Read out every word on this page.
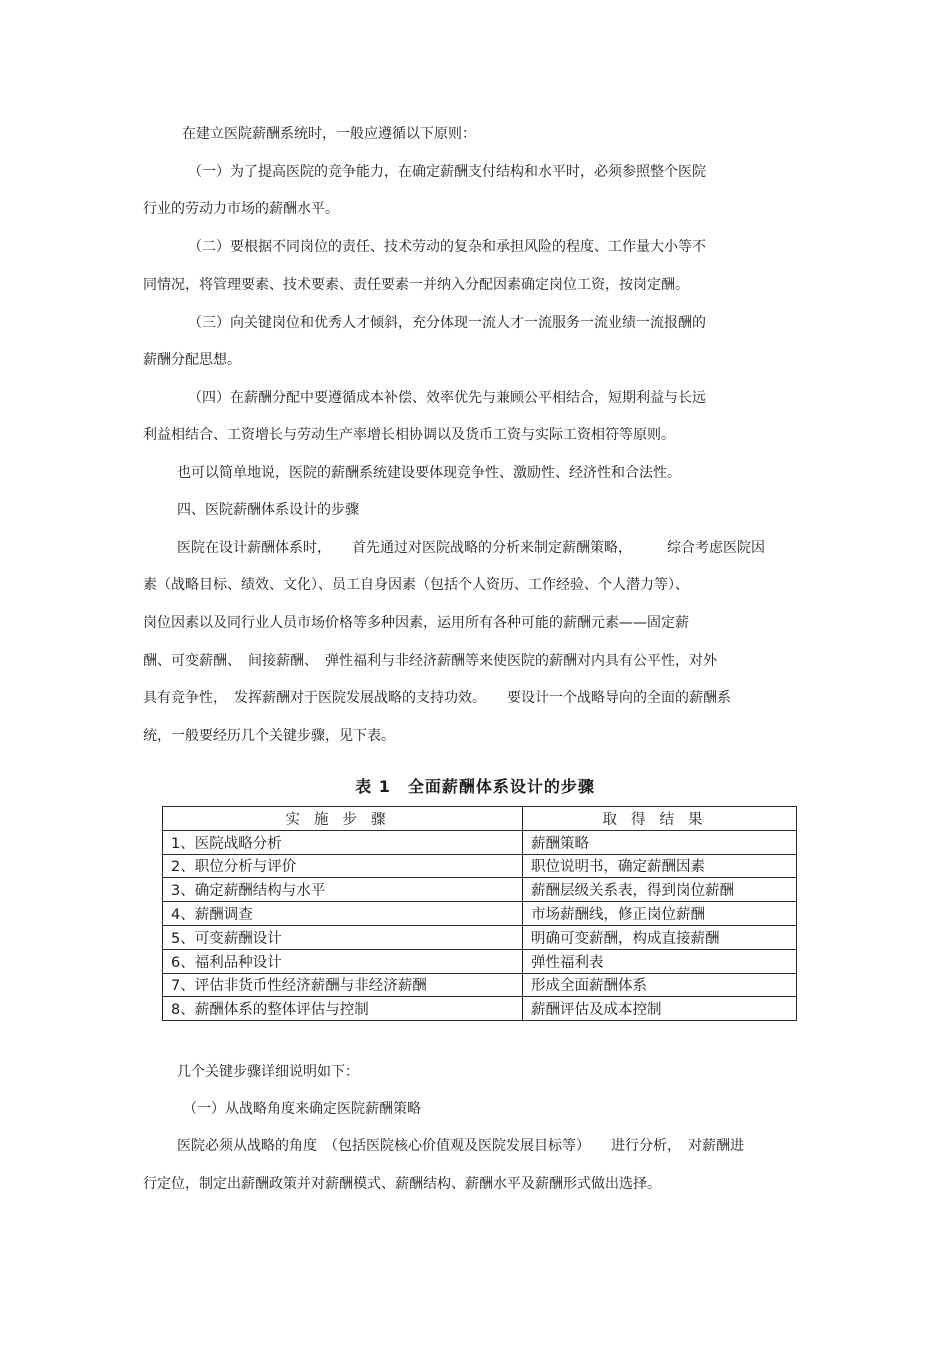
在建立医院薪酬系统时，一般应遵循以下原则：
（一）为了提高医院的竞争能力，在确定薪酬支付结构和水平时，必须参照整个医院
行业的劳动力市场的薪酬水平。
（二）要根据不同岗位的责任、技术劳动的复杂和承担风险的程度、工作量大小等不
同情况，将管理要素、技术要素、责任要素一并纳入分配因素确定岗位工资，按岗定酬。
（三）向关键岗位和优秀人才倾斜，充分体现一流人才一流服务一流业绩一流报酬的
薪酬分配思想。
（四）在薪酬分配中要遵循成本补偿、效率优先与兼顾公平相结合，短期利益与长远
利益相结合、工资增长与劳动生产率增长相协调以及货币工资与实际工资相符等原则。
也可以简单地说，医院的薪酬系统建设要体现竞争性、激励性、经济性和合法性。
四、医院薪酬体系设计的步骤
医院在设计薪酬体系时，　　首先通过对医院战略的分析来制定薪酬策略，　　　综合考虑医院因
素（战略目标、绩效、文化）、员工自身因素（包括个人资历、工作经验、个人潜力等）、
岗位因素以及同行业人员市场价格等多种因素，运用所有各种可能的薪酬元素——固定薪
酬、可变薪酬、　间接薪酬、　弹性福利与非经济薪酬等来使医院的薪酬对内具有公平性，对外
具有竞争性，　发挥薪酬对于医院发展战略的支持功效。　　要设计一个战略导向的全面的薪酬系
统，一般要经历几个关键步骤，见下表。
表 1　全面薪酬体系设计的步骤
实施步骤	取得结果
1、医院战略分析	薪酬策略
2、职位分析与评价	职位说明书，确定薪酬因素
3、确定薪酬结构与水平	薪酬层级关系表，得到岗位薪酬
4、薪酬调查	市场薪酬线，修正岗位薪酬
5、可变薪酬设计	明确可变薪酬，构成直接薪酬
6、福利品种设计	弹性福利表
7、评估非货币性经济薪酬与非经济薪酬	形成全面薪酬体系
8、薪酬体系的整体评估与控制	薪酬评估及成本控制
几个关键步骤详细说明如下：
（一）从战略角度来确定医院薪酬策略
医院必须从战略的角度　（包括医院核心价值观及医院发展目标等）　　进行分析，　对薪酬进
行定位，制定出薪酬政策并对薪酬模式、薪酬结构、薪酬水平及薪酬形式做出选择。
